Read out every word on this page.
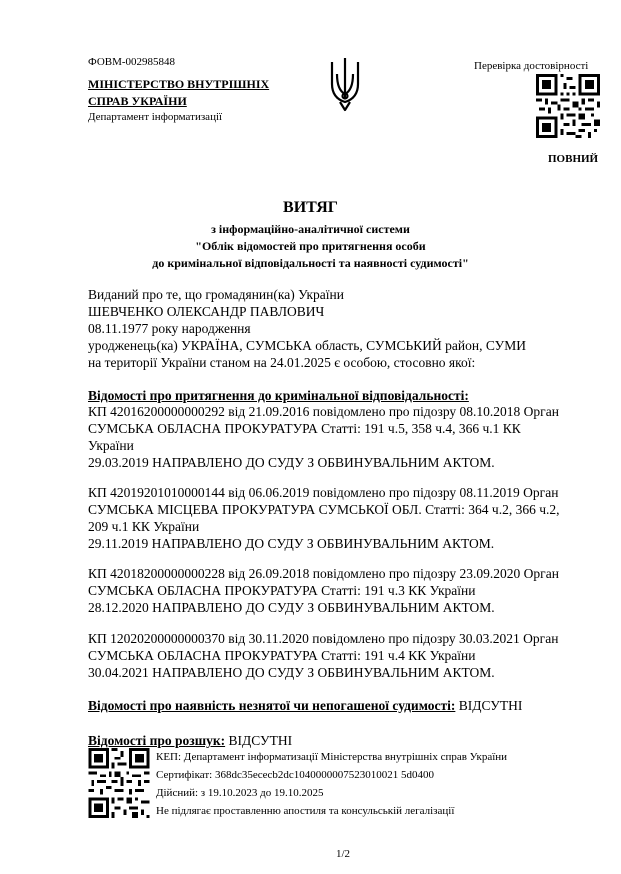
ФОВМ-002985848
МІНІСТЕРСТВО ВНУТРІШНІХ
СПРАВ УКРАЇНИ
Департамент інформатизації
Перевірка достовірності
ПОВНИЙ
ВИТЯГ
з інформаційно-аналітичної системи
"Облік відомостей про притягнення особи
до кримінальної відповідальності та наявності судимості"

Виданий про те, що громадянин(ка) України

ШЕВЧЕНКО ОЛЕКСАНДР ПАВЛОВИЧ

08.11.1977 року народження

уродженець(ка) УКРАЇНА, СУМСЬКА область, СУМСЬКИЙ район, СУМИ

на території України станом на 24.01.2025 є особою, стосовно якої:

Відомості про притягнення до кримінальної відповідальності:

КП 42016200000000292 від 21.09.2016 повідомлено про підозру 08.10.2018 Орган

СУМСЬКА ОБЛАСНА ПРОКУРАТУРА Статті: 191 ч.5, 358 ч.4, 366 ч.1 КК

України

29.03.2019 НАПРАВЛЕНО ДО СУДУ З ОБВИНУВАЛЬНИМ АКТОМ.

КП 42019201010000144 від 06.06.2019 повідомлено про підозру 08.11.2019 Орган

СУМСЬКА МІСЦЕВА ПРОКУРАТУРА СУМСЬКОЇ ОБЛ. Статті: 364 ч.2, 366 ч.2,

209 ч.1 КК України

29.11.2019 НАПРАВЛЕНО ДО СУДУ З ОБВИНУВАЛЬНИМ АКТОМ.

КП 42018200000000228 від 26.09.2018 повідомлено про підозру 23.09.2020 Орган

СУМСЬКА ОБЛАСНА ПРОКУРАТУРА Статті: 191 ч.3 КК України

28.12.2020 НАПРАВЛЕНО ДО СУДУ З ОБВИНУВАЛЬНИМ АКТОМ.

КП 12020200000000370 від 30.11.2020 повідомлено про підозру 30.03.2021 Орган

СУМСЬКА ОБЛАСНА ПРОКУРАТУРА Статті: 191 ч.4 КК України

30.04.2021 НАПРАВЛЕНО ДО СУДУ З ОБВИНУВАЛЬНИМ АКТОМ.

Відомості про наявність незнятої чи непогашеної судимості: ВІДСУТНІ
Відомості про розшук: ВІДСУТНІ
КЕП: Департамент інформатизації Міністерства внутрішніх справ України
Сертифікат: 368dc35ececb2dc1040000007523010021 5d0400
Дійсний: з 19.10.2023 до 19.10.2025
Не підлягає проставленню апостиля та консульській легалізації
1/2
